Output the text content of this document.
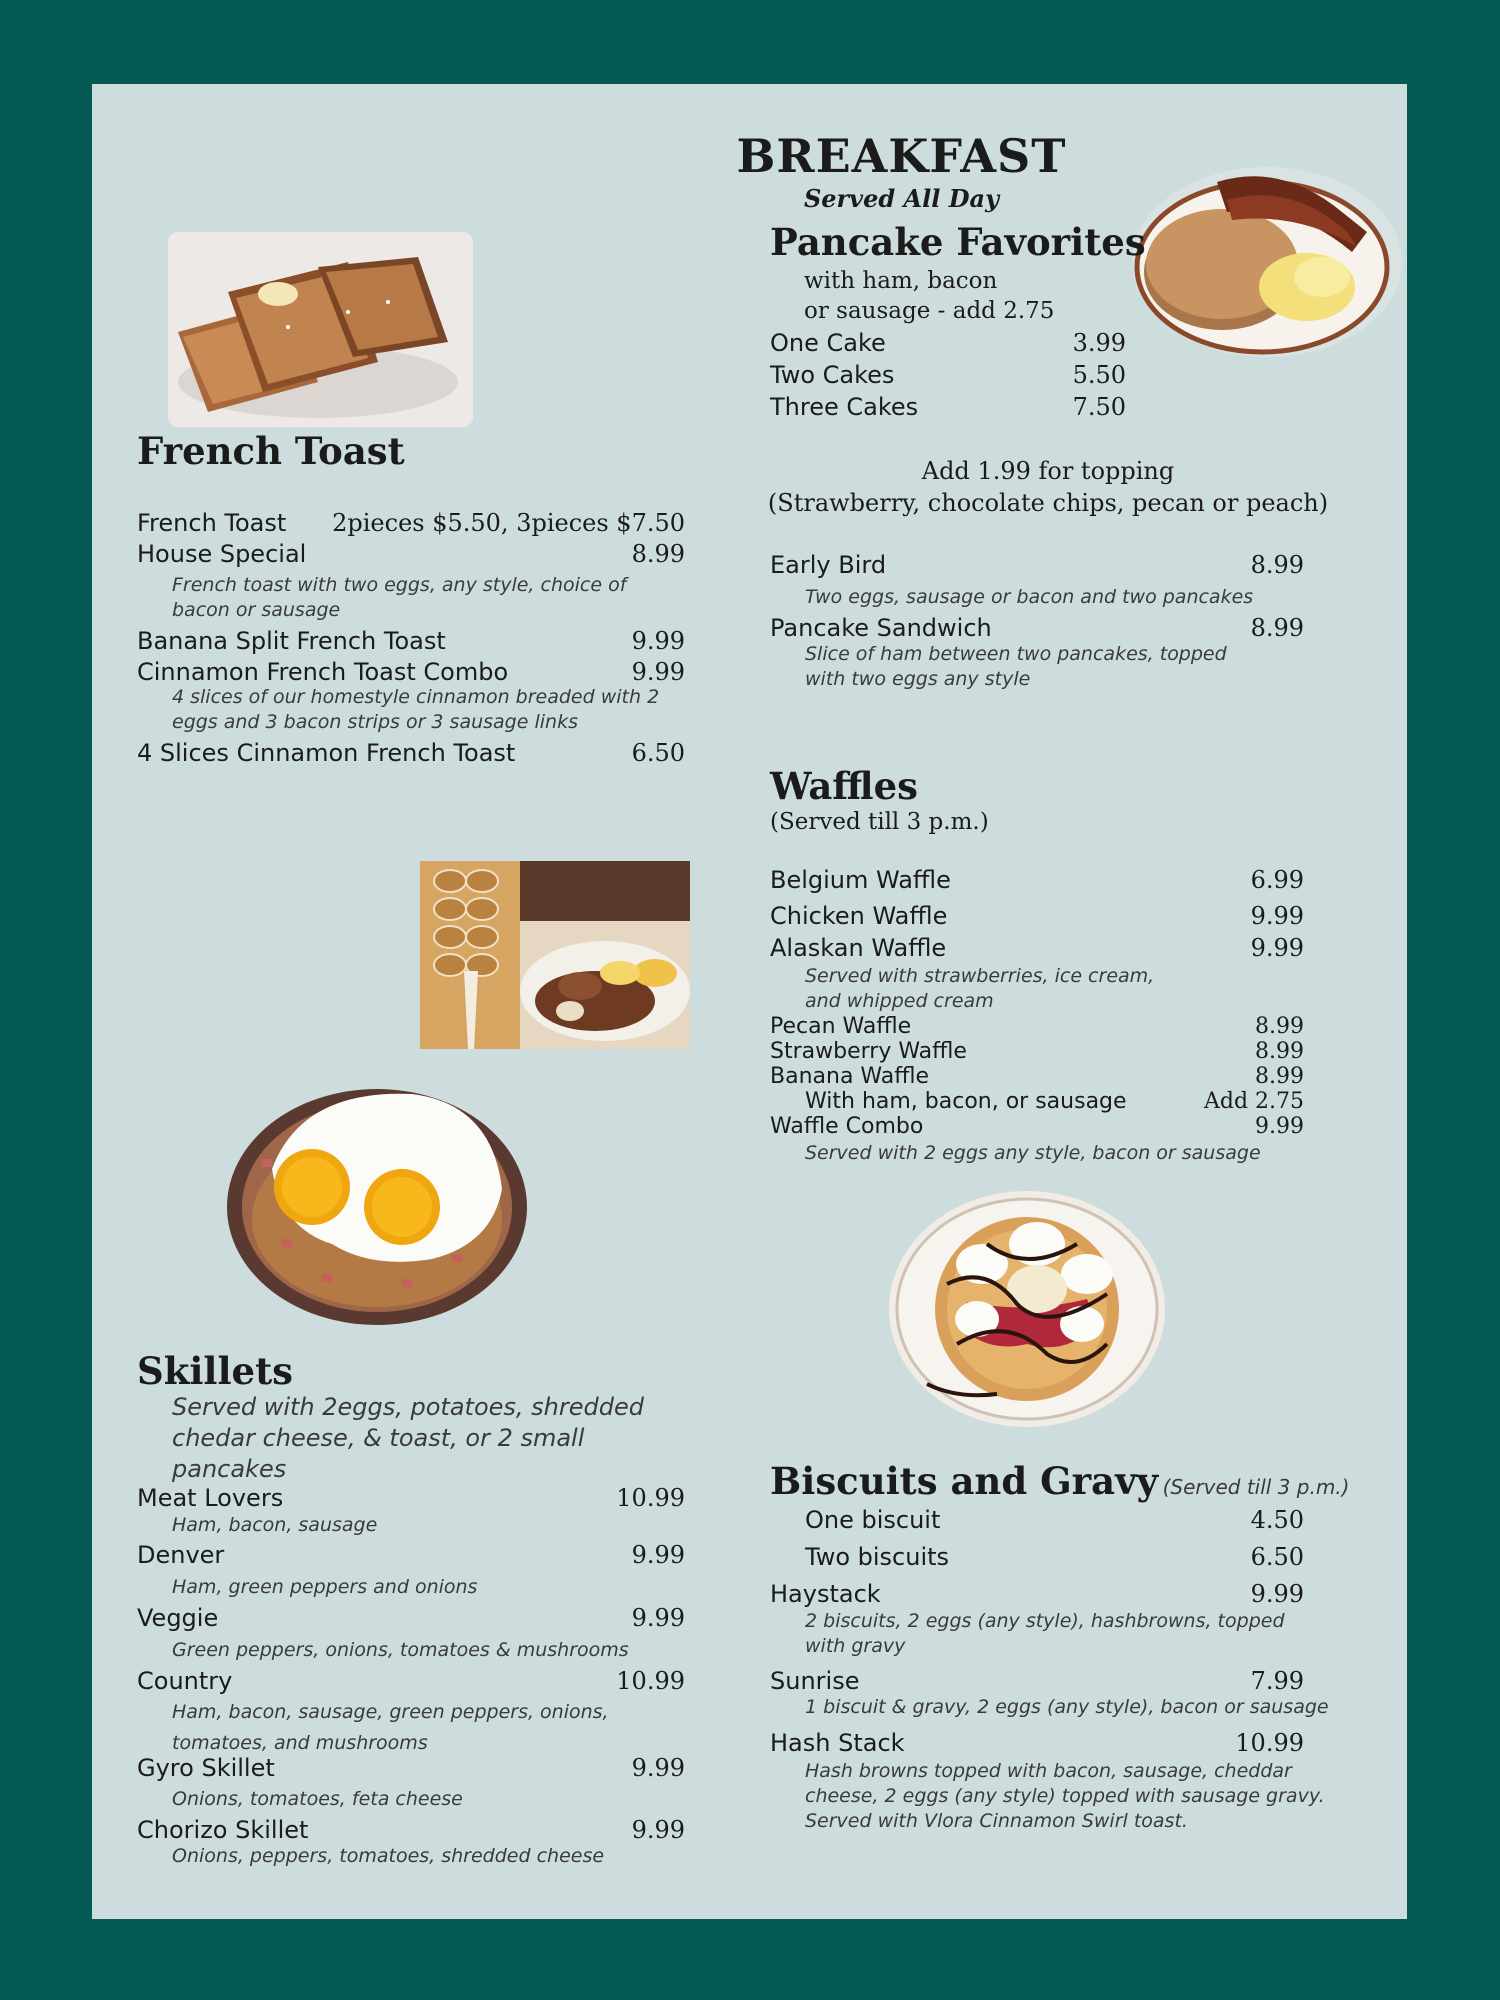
BREAKFAST
Served All Day
French Toast
French Toast 2pieces $5.50, 3pieces $7.50
House Special	8.99
French toast with two eggs, any style, choice of bacon or sausage
Banana Split French Toast	9.99
Cinnamon French Toast Combo	9.99
4 slices of our homestyle cinnamon breaded with 2 eggs and 3 bacon strips or 3 sausage links
4 Slices Cinnamon French Toast	6.50
Pancake Favorites
with ham, bacon
or sausage - add 2.75
One Cake	3.99
Two Cakes	5.50
Three Cakes	7.50
Add 1.99 for topping
(Strawberry, chocolate chips, pecan or peach)
Early Bird	8.99
Two eggs, sausage or bacon and two pancakes
Pancake Sandwich	8.99
Slice of ham between two pancakes, topped with two eggs any style
Waffles
(Served till 3 p.m.)
Belgium Waffle	6.99
Chicken Waffle	9.99
Alaskan Waffle	9.99
Served with strawberries, ice cream, and whipped cream
Pecan Waffle	8.99
Strawberry Waffle	8.99
Banana Waffle	8.99
With ham, bacon, or sausage	Add 2.75
Waffle Combo	9.99
Served with 2 eggs any style, bacon or sausage
Skillets
Served with 2eggs, potatoes, shredded chedar cheese, & toast, or 2 small pancakes
Meat Lovers	10.99
Ham, bacon, sausage
Denver	9.99
Ham, green peppers and onions
Veggie	9.99
Green peppers, onions, tomatoes & mushrooms
Country	10.99
Ham, bacon, sausage, green peppers, onions, tomatoes, and mushrooms
Gyro Skillet	9.99
Onions, tomatoes, feta cheese
Chorizo Skillet	9.99
Onions, peppers, tomatoes, shredded cheese
Biscuits and Gravy (Served till 3 p.m.)
One biscuit	4.50
Two biscuits	6.50
Haystack	9.99
2 biscuits, 2 eggs (any style), hashbrowns, topped with gravy
Sunrise	7.99
1 biscuit & gravy, 2 eggs (any style), bacon or sausage
Hash Stack	10.99
Hash browns topped with bacon, sausage, cheddar cheese, 2 eggs (any style) topped with sausage gravy. Served with Vlora Cinnamon Swirl toast.
